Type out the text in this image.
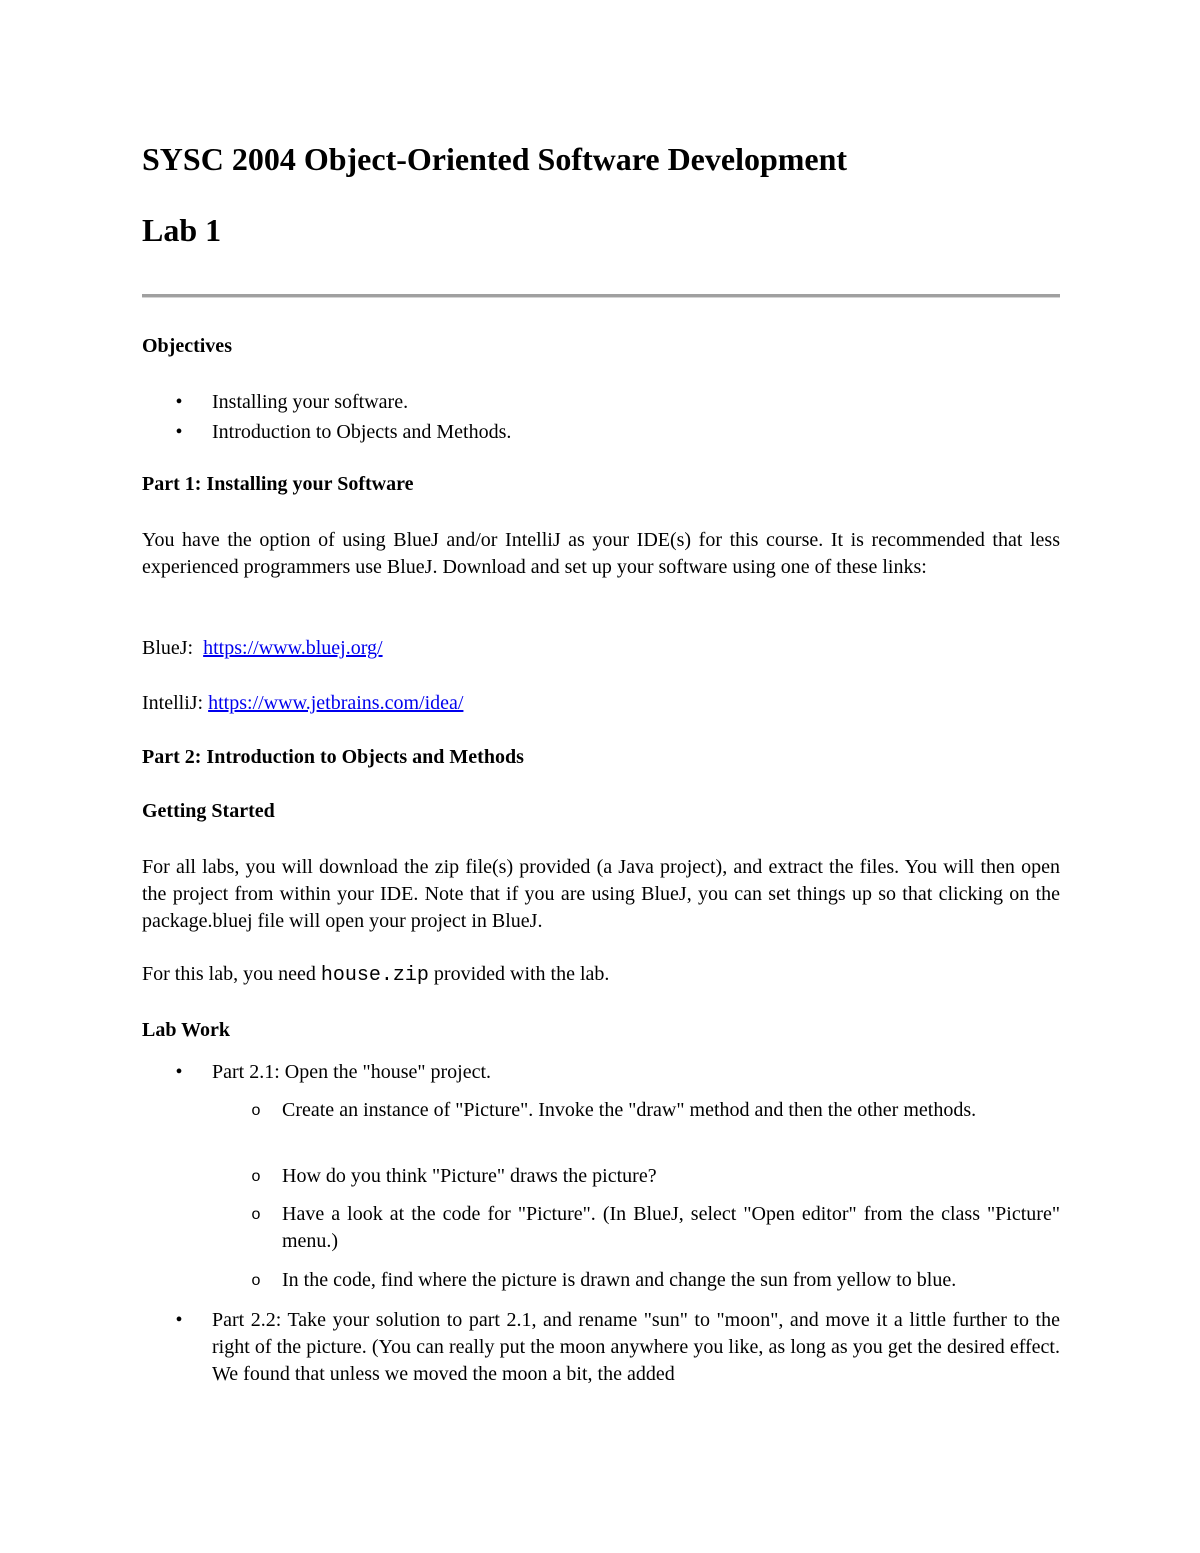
SYSC 2004 Object-Oriented Software Development
Lab 1
Objectives
• Installing your software.
• Introduction to Objects and Methods.
Part 1: Installing your Software

You have the option of using BlueJ and/or IntelliJ as your IDE(s) for this course. It is recommended that less experienced programmers use BlueJ. Download and set up your software using one of these links:

BlueJ: https://www.bluej.org/
IntelliJ: https://www.jetbrains.com/idea/
Part 2: Introduction to Objects and Methods
Getting Started

For all labs, you will download the zip file(s) provided (a Java project), and extract the files. You will then open the project from within your IDE. Note that if you are using BlueJ, you can set things up so that clicking on the package.bluej file will open your project in BlueJ.

For this lab, you need house.zip provided with the lab.
Lab Work
• Part 2.1: Open the "house" project.
o Create an instance of "Picture". Invoke the "draw" method and then the other methods.
o How do you think "Picture" draws the picture?
o Have a look at the code for "Picture". (In BlueJ, select "Open editor" from the class "Picture" menu.)
o In the code, find where the picture is drawn and change the sun from yellow to blue.
• Part 2.2: Take your solution to part 2.1, and rename "sun" to "moon", and move it a little further to the right of the picture. (You can really put the moon anywhere you like, as long as you get the desired effect. We found that unless we moved the moon a bit, the added
